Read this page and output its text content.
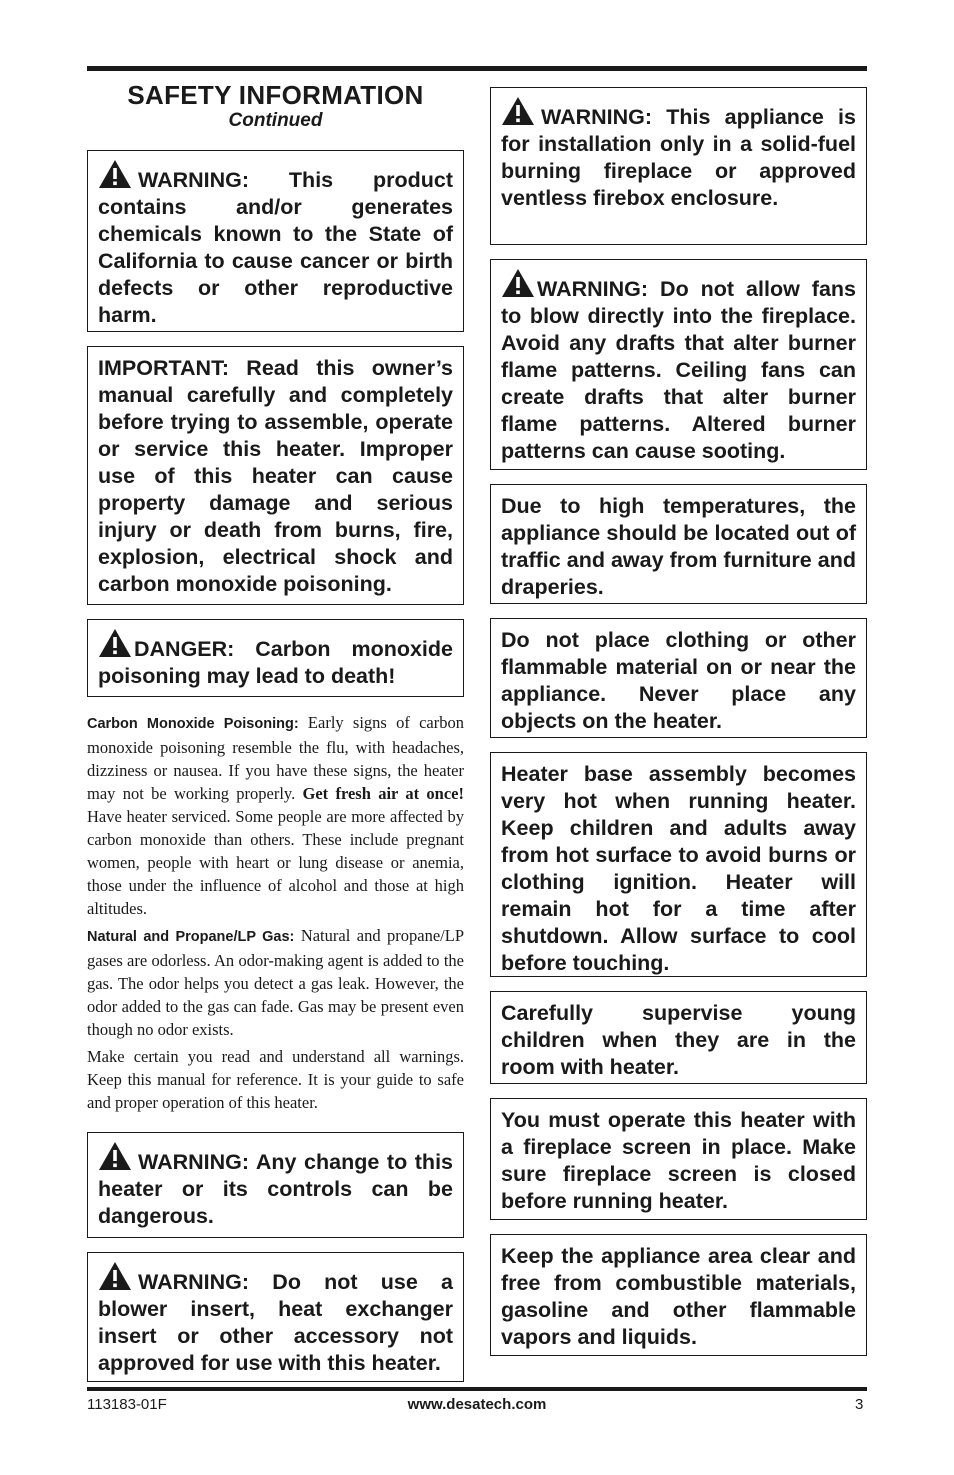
SAFETY INFORMATION

Continued

WARNING: This product contains and/or generates chemicals known to the State of California to cause cancer or birth defects or other reproductive harm.
IMPORTANT: Read this owner’s manual carefully and completely before trying to assemble, operate or service this heater. Improper use of this heater can cause property damage and serious injury or death from burns, fire, explosion, electrical shock and carbon monoxide poisoning.
DANGER: Carbon monoxide poisoning may lead to death!

Carbon Monoxide Poisoning: Early signs of carbon monoxide poisoning resemble the flu, with headaches, dizziness or nausea. If you have these signs, the heater may not be working properly. Get fresh air at once! Have heater serviced. Some people are more affected by carbon monoxide than others. These include pregnant women, people with heart or lung disease or anemia, those under the influence of alcohol and those at high altitudes.

Natural and Propane/LP Gas: Natural and propane/LP gases are odorless. An odor-making agent is added to the gas. The odor helps you detect a gas leak. However, the odor added to the gas can fade. Gas may be present even though no odor exists.

Make certain you read and understand all warnings. Keep this manual for reference. It is your guide to safe and proper operation of this heater.

WARNING: Any change to this heater or its controls can be dangerous.
WARNING: Do not use a blower insert, heat exchanger insert or other accessory not approved for use with this heater.
WARNING: This appliance is for installation only in a solid-fuel burning fireplace or approved ventless firebox enclosure.
WARNING: Do not allow fans to blow directly into the fireplace. Avoid any drafts that alter burner flame patterns. Ceiling fans can create drafts that alter burner flame patterns. Altered burner patterns can cause sooting.
Due to high temperatures, the appliance should be located out of traffic and away from furniture and draperies.
Do not place clothing or other flammable material on or near the appliance. Never place any objects on the heater.
Heater base assembly becomes very hot when running heater. Keep children and adults away from hot surface to avoid burns or clothing ignition. Heater will remain hot for a time after shutdown. Allow surface to cool before touching.
Carefully supervise young children when they are in the room with heater.
You must operate this heater with a fireplace screen in place. Make sure fireplace screen is closed before running heater.
Keep the appliance area clear and free from combustible materials, gasoline and other flammable vapors and liquids.
www.desatech.com
113183-01F	3
